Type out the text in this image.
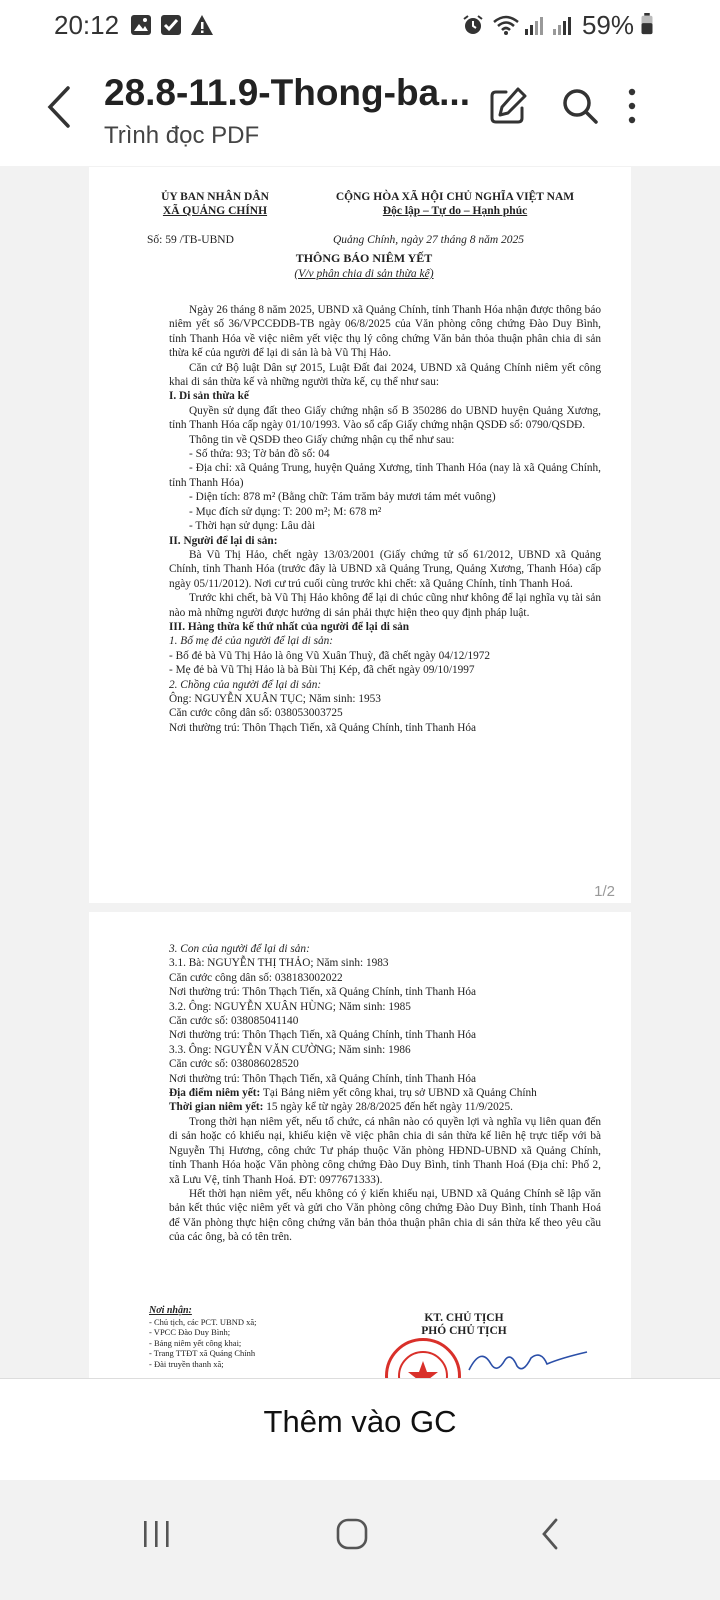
20:12	59%
28.8-11.9-Thong-ba...
Trình đọc PDF
ỦY BAN NHÂN DÂN
XÃ QUẢNG CHÍNH
CỘNG HÒA XÃ HỘI CHỦ NGHĨA VIỆT NAM
Độc lập – Tự do – Hạnh phúc
Số: 59 /TB-UBND	Quảng Chính, ngày 27 tháng 8 năm 2025
THÔNG BÁO NIÊM YẾT
(V/v phân chia di sản thừa kế)

Ngày 26 tháng 8 năm 2025, UBND xã Quảng Chính, tỉnh Thanh Hóa nhận được thông báo niêm yết số 36/VPCCĐDB-TB ngày 06/8/2025 của Văn phòng công chứng Đào Duy Bình, tỉnh Thanh Hóa về việc niêm yết việc thụ lý công chứng Văn bản thỏa thuận phân chia di sản thừa kế của người để lại di sản là bà Vũ Thị Hảo.

Căn cứ Bộ luật Dân sự 2015, Luật Đất đai 2024, UBND xã Quảng Chính niêm yết công khai di sản thừa kế và những người thừa kế, cụ thể như sau:

I. Di sản thừa kế

Quyền sử dụng đất theo Giấy chứng nhận số B 350286 do UBND huyện Quảng Xương, tỉnh Thanh Hóa cấp ngày 01/10/1993. Vào sổ cấp Giấy chứng nhận QSDĐ số: 0790/QSDĐ.

Thông tin về QSDĐ theo Giấy chứng nhận cụ thể như sau:

- Số thửa: 93; Tờ bản đồ số: 04

- Địa chỉ: xã Quảng Trung, huyện Quảng Xương, tỉnh Thanh Hóa (nay là xã Quảng Chính, tỉnh Thanh Hóa)

- Diện tích: 878 m² (Bằng chữ: Tám trăm bảy mươi tám mét vuông)

- Mục đích sử dụng: T: 200 m²; M: 678 m²

- Thời hạn sử dụng: Lâu dài

II. Người để lại di sản:

Bà Vũ Thị Hảo, chết ngày 13/03/2001 (Giấy chứng tử số 61/2012, UBND xã Quảng Chính, tỉnh Thanh Hóa (trước đây là UBND xã Quảng Trung, Quảng Xương, Thanh Hóa) cấp ngày 05/11/2012). Nơi cư trú cuối cùng trước khi chết: xã Quảng Chính, tỉnh Thanh Hoá.

Trước khi chết, bà Vũ Thị Hảo không để lại di chúc cũng như không để lại nghĩa vụ tài sản nào mà những người được hưởng di sản phải thực hiện theo quy định pháp luật.

III. Hàng thừa kế thứ nhất của người để lại di sản

1. Bố mẹ đẻ của người để lại di sản:

- Bố đẻ bà Vũ Thị Hảo là ông Vũ Xuân Thuỳ, đã chết ngày 04/12/1972

- Mẹ đẻ bà Vũ Thị Hảo là bà Bùi Thị Kép, đã chết ngày 09/10/1997

2. Chồng của người để lại di sản:

Ông: NGUYỄN XUÂN TỤC; Năm sinh: 1953

Căn cước công dân số: 038053003725

Nơi thường trú: Thôn Thạch Tiến, xã Quảng Chính, tỉnh Thanh Hóa

1/2

3. Con của người để lại di sản:

3.1. Bà: NGUYỄN THỊ THẢO; Năm sinh: 1983

Căn cước công dân số: 038183002022

Nơi thường trú: Thôn Thạch Tiến, xã Quảng Chính, tỉnh Thanh Hóa

3.2. Ông: NGUYỄN XUÂN HÙNG; Năm sinh: 1985

Căn cước số: 038085041140

Nơi thường trú: Thôn Thạch Tiến, xã Quảng Chính, tỉnh Thanh Hóa

3.3. Ông: NGUYỄN VĂN CƯỜNG; Năm sinh: 1986

Căn cước số: 038086028520

Nơi thường trú: Thôn Thạch Tiến, xã Quảng Chính, tỉnh Thanh Hóa

Địa điểm niêm yết: Tại Bảng niêm yết công khai, trụ sở UBND xã Quảng Chính

Thời gian niêm yết: 15 ngày kể từ ngày 28/8/2025 đến hết ngày 11/9/2025.

Trong thời hạn niêm yết, nếu tổ chức, cá nhân nào có quyền lợi và nghĩa vụ liên quan đến di sản hoặc có khiếu nại, khiếu kiện về việc phân chia di sản thừa kế liên hệ trực tiếp với bà Nguyễn Thị Hương, công chức Tư pháp thuộc Văn phòng HĐND-UBND xã Quảng Chính, tỉnh Thanh Hóa hoặc Văn phòng công chứng Đào Duy Bình, tỉnh Thanh Hoá (Địa chỉ: Phố 2, xã Lưu Vệ, tỉnh Thanh Hoá. ĐT: 0977671333).

Hết thời hạn niêm yết, nếu không có ý kiến khiếu nại, UBND xã Quảng Chính sẽ lập văn bản kết thúc việc niêm yết và gửi cho Văn phòng công chứng Đào Duy Bình, tỉnh Thanh Hoá để Văn phòng thực hiện công chứng văn bản thỏa thuận phân chia di sản thừa kế theo yêu cầu của các ông, bà có tên trên.

Nơi nhận:
- Chủ tịch, các PCT. UBND xã;
- VPCC Đào Duy Bình;
- Bảng niêm yết công khai;
- Trang TTĐT xã Quảng Chính
- Đài truyền thanh xã;
KT. CHỦ TỊCH
PHÓ CHỦ TỊCH
Thêm vào GC
